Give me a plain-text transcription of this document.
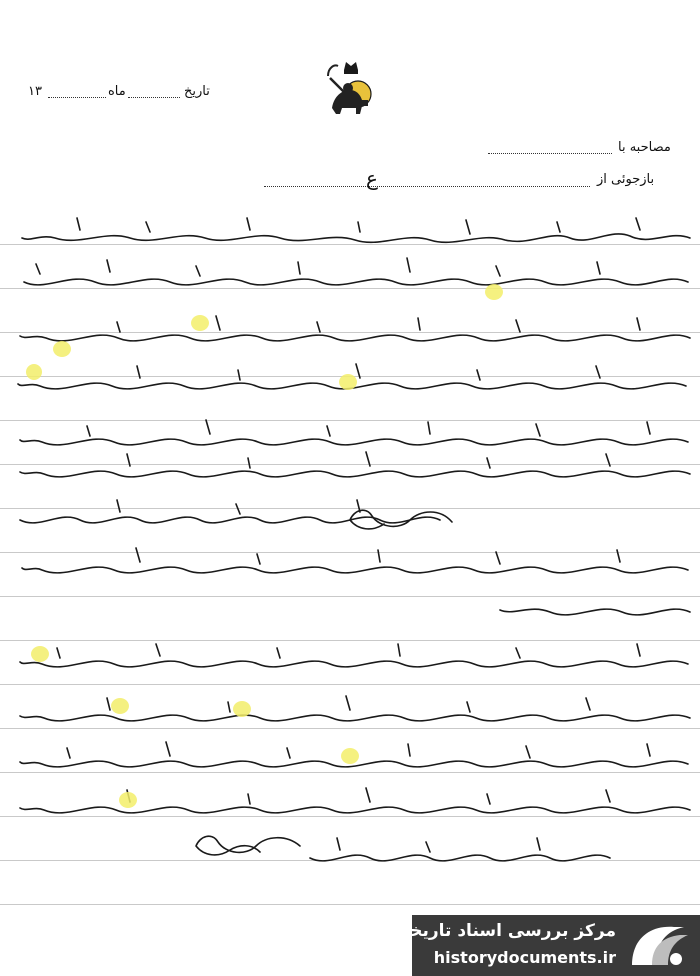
تاریخ
ماه
۱۳
مصاحبه با
بازجوئی از
ع
مرکز بررسی اسناد تاریخی
historydocuments.ir
